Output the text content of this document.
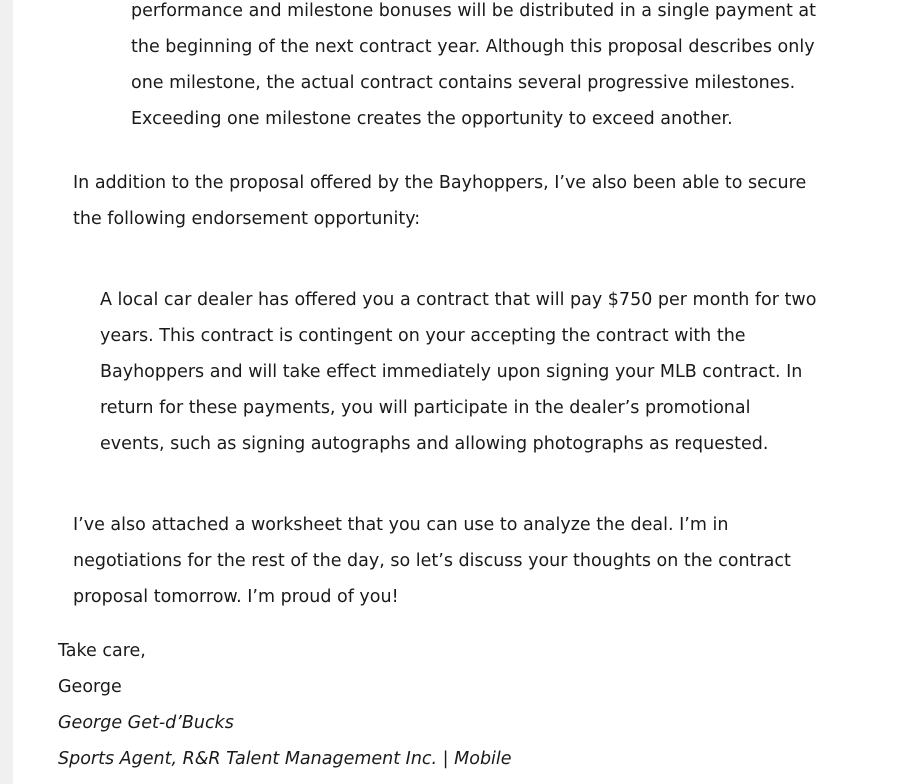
performance and milestone bonuses will be distributed in a single payment at
the beginning of the next contract year. Although this proposal describes only
one milestone, the actual contract contains several progressive milestones.
Exceeding one milestone creates the opportunity to exceed another.
In addition to the proposal offered by the Bayhoppers, I’ve also been able to secure
the following endorsement opportunity:
A local car dealer has offered you a contract that will pay $750 per month for two
years. This contract is contingent on your accepting the contract with the
Bayhoppers and will take effect immediately upon signing your MLB contract. In
return for these payments, you will participate in the dealer’s promotional
events, such as signing autographs and allowing photographs as requested.
I’ve also attached a worksheet that you can use to analyze the deal. I’m in
negotiations for the rest of the day, so let’s discuss your thoughts on the contract
proposal tomorrow. I’m proud of you!
Take care,
George
George Get-d’Bucks
Sports Agent, R&R Talent Management Inc. | Mobile
